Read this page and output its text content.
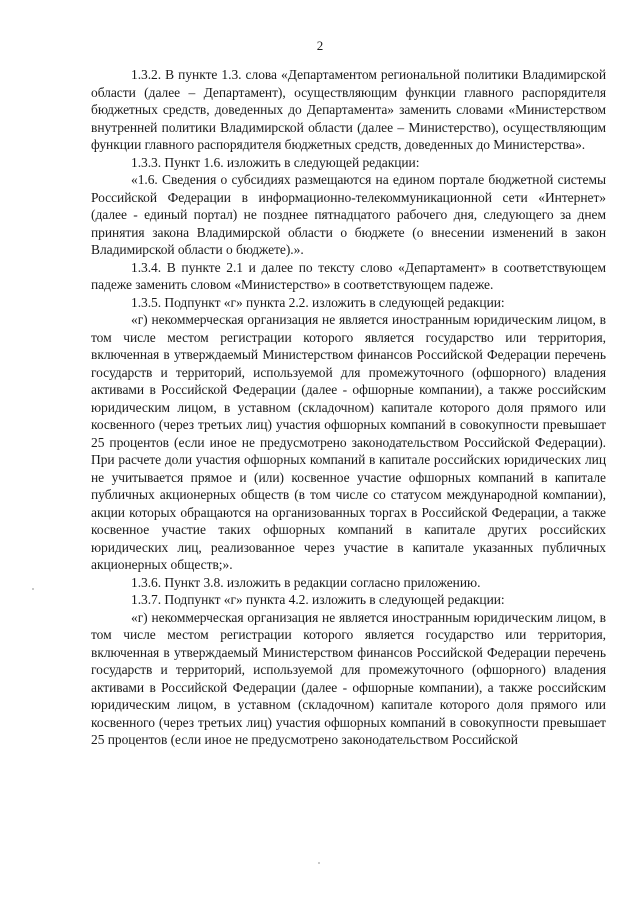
2

1.3.2. В пункте 1.3. слова «Департаментом региональной политики Владимирской области (далее – Департамент), осуществляющим функции главного распорядителя бюджетных средств, доведенных до Департамента» заменить словами «Министерством внутренней политики Владимирской области (далее – Министерство), осуществляющим функции главного распорядителя бюджетных средств, доведенных до Министерства».

1.3.3. Пункт 1.6. изложить в следующей редакции:

«1.6. Сведения о субсидиях размещаются на едином портале бюджетной системы Российской Федерации в информационно-телекоммуникационной сети «Интернет» (далее - единый портал) не позднее пятнадцатого рабочего дня, следующего за днем принятия закона Владимирской области о бюджете (о внесении изменений в закон Владимирской области о бюджете).».

1.3.4. В пункте 2.1 и далее по тексту слово «Департамент» в соответствующем падеже заменить словом «Министерство» в соответствующем падеже.

1.3.5. Подпункт «г» пункта 2.2. изложить в следующей редакции:

«г) некоммерческая организация не является иностранным юридическим лицом, в том числе местом регистрации которого является государство или территория, включенная в утверждаемый Министерством финансов Российской Федерации перечень государств и территорий, используемой для промежуточного (офшорного) владения активами в Российской Федерации (далее - офшорные компании), а также российским юридическим лицом, в уставном (складочном) капитале которого доля прямого или косвенного (через третьих лиц) участия офшорных компаний в совокупности превышает 25 процентов (если иное не предусмотрено законодательством Российской Федерации). При расчете доли участия офшорных компаний в капитале российских юридических лиц не учитывается прямое и (или) косвенное участие офшорных компаний в капитале публичных акционерных обществ (в том числе со статусом международной компании), акции которых обращаются на организованных торгах в Российской Федерации, а также косвенное участие таких офшорных компаний в капитале других российских юридических лиц, реализованное через участие в капитале указанных публичных акционерных обществ;».

1.3.6. Пункт 3.8. изложить в редакции согласно приложению.

1.3.7. Подпункт «г» пункта 4.2. изложить в следующей редакции:

«г) некоммерческая организация не является иностранным юридическим лицом, в том числе местом регистрации которого является государство или территория, включенная в утверждаемый Министерством финансов Российской Федерации перечень государств и территорий, используемой для промежуточного (офшорного) владения активами в Российской Федерации (далее - офшорные компании), а также российским юридическим лицом, в уставном (складочном) капитале которого доля прямого или косвенного (через третьих лиц) участия офшорных компаний в совокупности превышает 25 процентов (если иное не предусмотрено законодательством Российской
